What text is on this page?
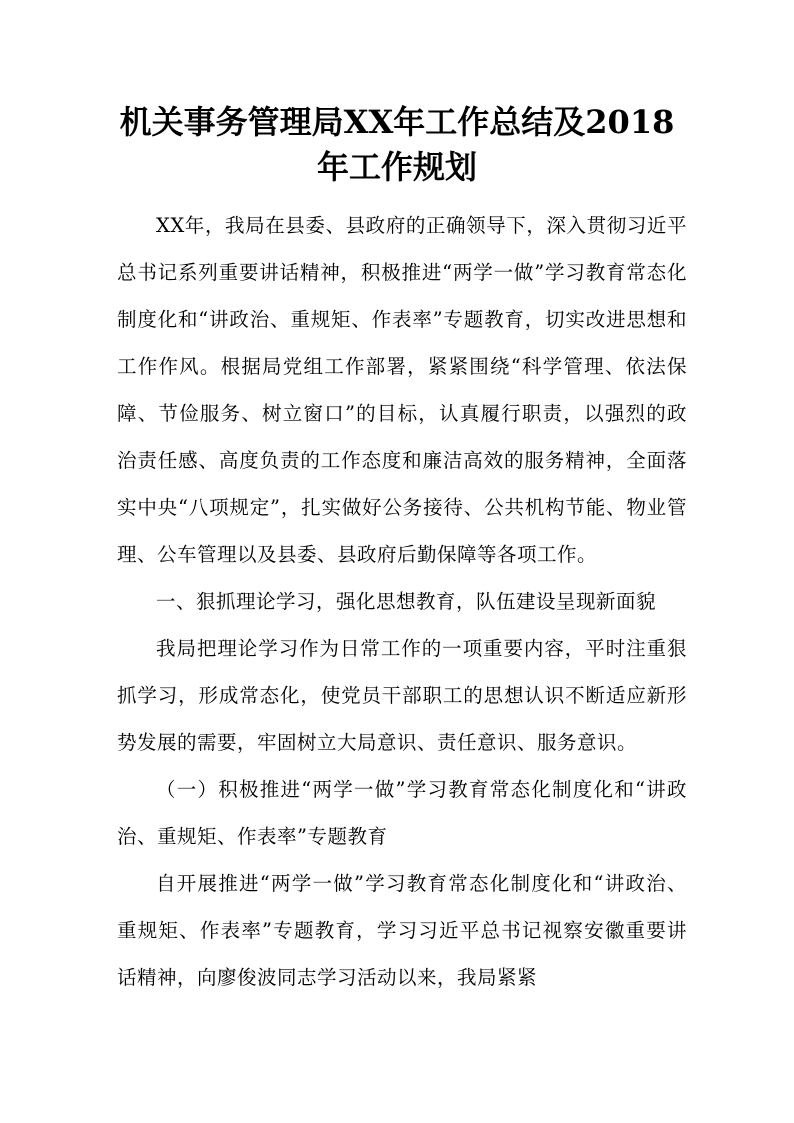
机关事务管理局XX年工作总结及2018
年工作规划

XX年，我局在县委、县政府的正确领导下，深入贯彻习近平总书记系列重要讲话精神，积极推进“两学一做”学习教育常态化制度化和“讲政治、重规矩、作表率”专题教育，切实改进思想和工作作风。根据局党组工作部署，紧紧围绕“科学管理、依法保障、节俭服务、树立窗口”的目标，认真履行职责，以强烈的政治责任感、高度负责的工作态度和廉洁高效的服务精神，全面落实中央“八项规定”，扎实做好公务接待、公共机构节能、物业管理、公车管理以及县委、县政府后勤保障等各项工作。

一、狠抓理论学习，强化思想教育，队伍建设呈现新面貌

我局把理论学习作为日常工作的一项重要内容，平时注重狠抓学习，形成常态化，使党员干部职工的思想认识不断适应新形势发展的需要，牢固树立大局意识、责任意识、服务意识。

（一）积极推进“两学一做”学习教育常态化制度化和“讲政治、重规矩、作表率”专题教育

自开展推进“两学一做”学习教育常态化制度化和“讲政治、重规矩、作表率”专题教育，学习习近平总书记视察安徽重要讲话精神，向廖俊波同志学习活动以来，我局紧紧
